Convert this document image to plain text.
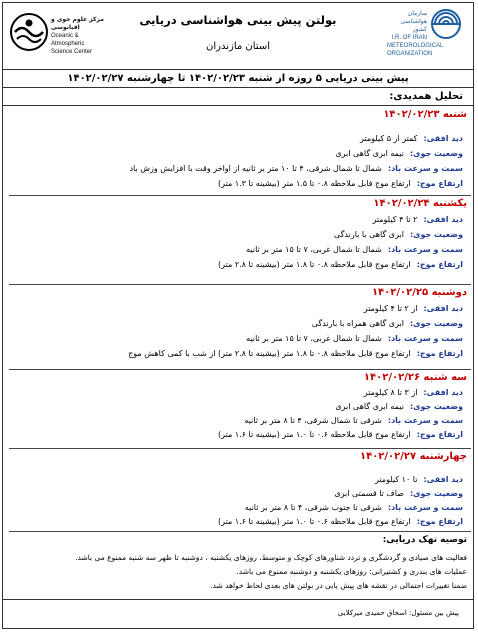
مرکز علوم جوی و اقیانوسی
Oceanic & Atmospheric
Science Center
بولتن پیش بینی هواشناسی دریایی
استان مازندران
سازمان هواشناسی کشور
I.R. OF IRAN
METEOROLOGICAL
ORGANIZATION
پیش بینی دریایی ۵ روزه از شنبه ۱۴۰۲/۰۲/۲۳ تا چهارشنبه ۱۴۰۲/۰۲/۲۷
تحلیل همدیدی:
شنبه ۱۴۰۲/۰۲/۲۳
دید افقی:کمتر از ۵ کیلومتر
وضعیت جوی:نیمه ابری گاهی ابری
سمت و سرعت باد:شمال تا شمال شرقی، ۴ تا ۱۰ متر بر ثانیه از اواخر وقت با افزایش وزش باد
ارتفاع موج:ارتفاع موج قابل ملاحظه ۰.۸ تا ۱.۵ متر (بیشینه تا ۱.۳ متر)
یکشنبه ۱۴۰۲/۰۲/۲۴
دید افقی:۲ تا ۴ کیلومتر
وضعیت جوی:ابری گاهی با بارندگی
سمت و سرعت باد:شمال تا شمال غربی، ۷ تا ۱۵ متر بر ثانیه
ارتفاع موج:ارتفاع موج قابل ملاحظه ۰.۸ تا ۱.۸ متر (بیشینه تا ۲.۸ متر)
دوشنبه ۱۴۰۲/۰۲/۲۵
دید افقی:از ۲ تا ۴ کیلومتر
وضعیت جوی:ابری گاهی همراه با بارندگی
سمت و سرعت باد:شمال تا شمال غربی، ۷ تا ۱۵ متر بر ثانیه
ارتفاع موج:ارتفاع موج قابل ملاحظه ۰.۸ تا ۱.۸ متر (بیشینه تا ۲.۸ متر) از شب با کمی کاهش موج
سه شنبه ۱۴۰۲/۰۲/۲۶
دید افقی:از ۳ تا ۸ کیلومتر
وضعیت جوی:نیمه ابری گاهی ابری
سمت و سرعت باد:شرقی تا شمال شرقی، ۴ تا ۸ متر بر ثانیه
ارتفاع موج:ارتفاع موج قابل ملاحظه ۰.۶ تا ۱.۰ متر (بیشینه تا ۱.۶ متر)
چهارشنبه ۱۴۰۲/۰۲/۲۷
دید افقی:تا ۱۰ کیلومتر
وضعیت جوی:صاف تا قسمتی ابری
سمت و سرعت باد:شرقی تا جنوب شرقی، ۴ تا ۸ متر بر ثانیه
ارتفاع موج:ارتفاع موج قابل ملاحظه ۰.۶ تا ۱.۰ متر (بیشینه تا ۱.۶ متر)
توصیه تهک دریایی:
فعالیت های صیادی و گردشگری و تردد شناورهای کوچک و متوسط، روزهای یکشنبه ، دوشنبه تا ظهر سه شنبه ممنوع می باشد.
عملیات های بندری و کشتیرانی: روزهای یکشنبه و دوشنبه ممنوع می باشد.
ضمنا تغییرات احتمالی در نقشه های پیش یابی در بولتن های بعدی لحاظ خواهد شد.
پیش بین مسئول: اسحاق حمیدی میرکلایی
